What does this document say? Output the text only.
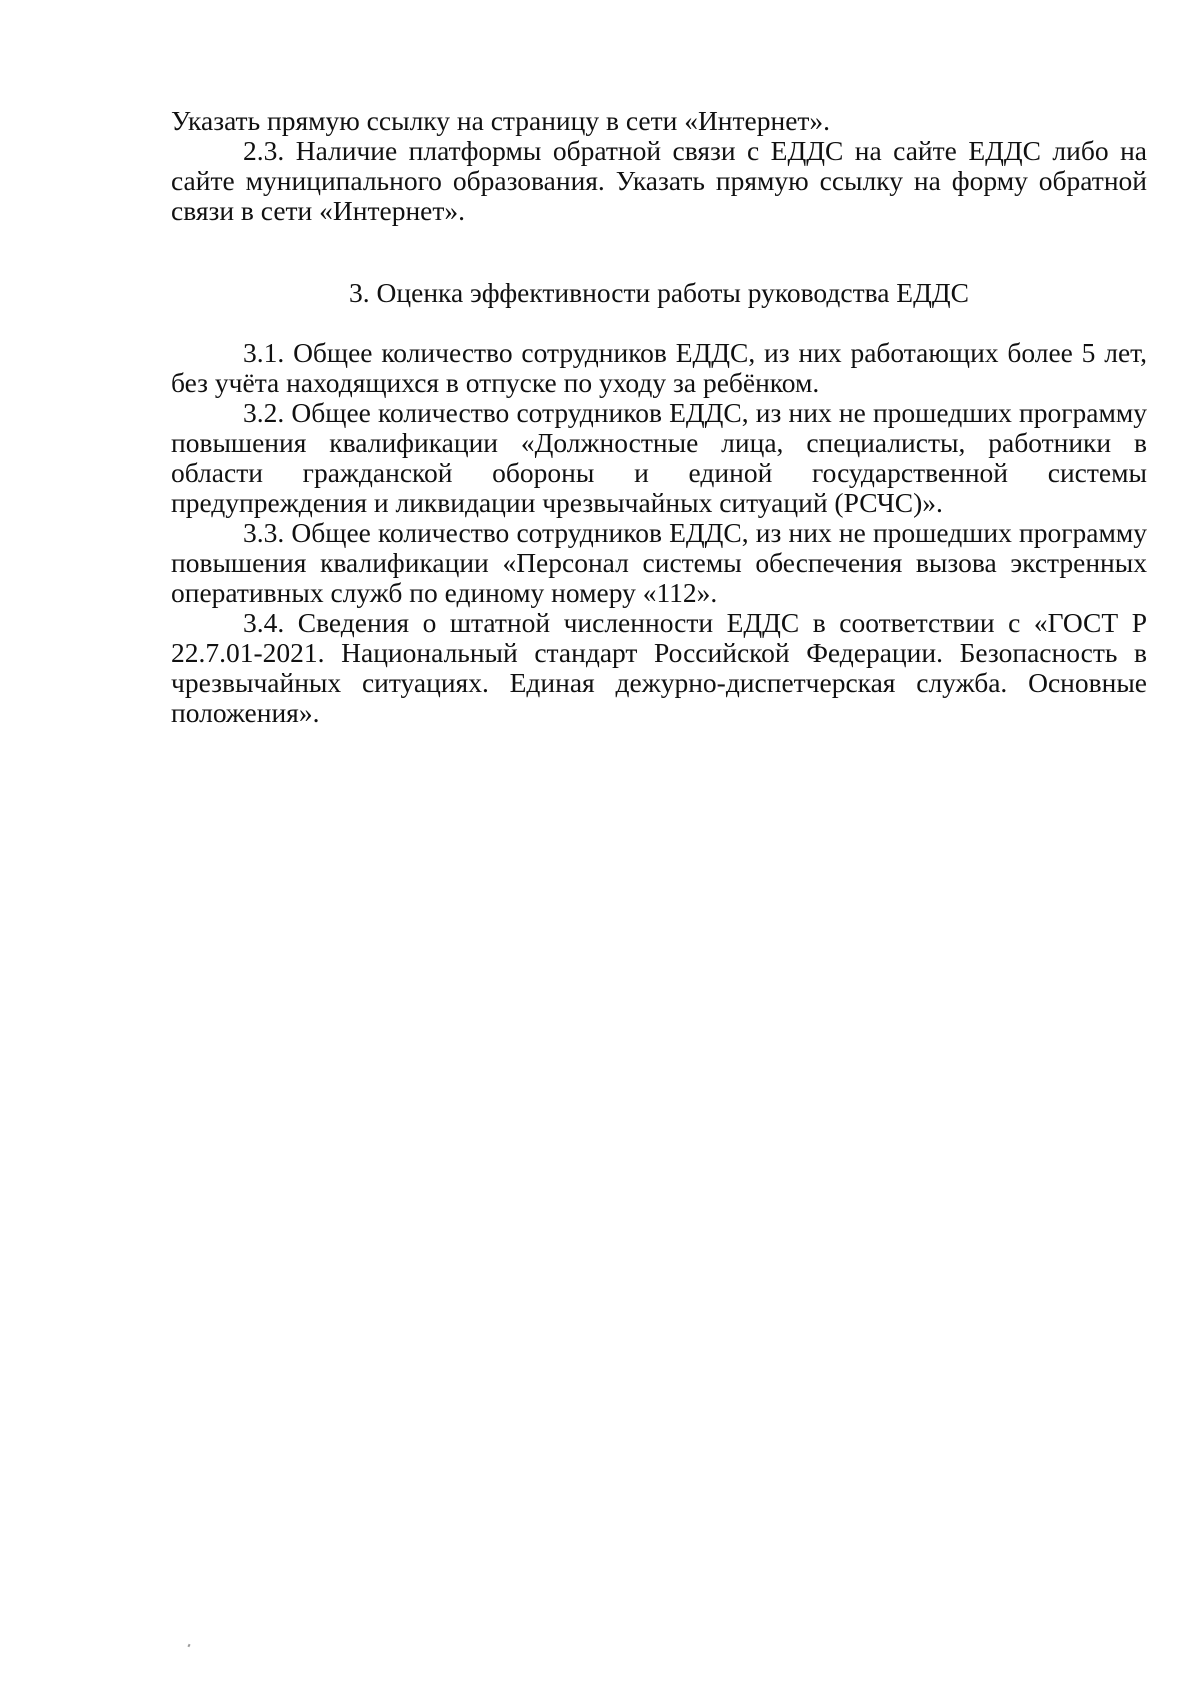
Указать прямую ссылку на страницу в сети «Интернет».

2.3. Наличие платформы обратной связи с ЕДДС на сайте ЕДДС либо на сайте муниципального образования. Указать прямую ссылку на форму обратной связи в сети «Интернет».

3. Оценка эффективности работы руководства ЕДДС

3.1. Общее количество сотрудников ЕДДС, из них работающих более 5 лет, без учёта находящихся в отпуске по уходу за ребёнком.

3.2. Общее количество сотрудников ЕДДС, из них не прошедших программу повышения квалификации «Должностные лица, специалисты, работники в области гражданской обороны и единой государственной системы предупреждения и ликвидации чрезвычайных ситуаций (РСЧС)».

3.3. Общее количество сотрудников ЕДДС, из них не прошедших программу повышения квалификации «Персонал системы обеспечения вызова экстренных оперативных служб по единому номеру «112».

3.4. Сведения о штатной численности ЕДДС в соответствии с «ГОСТ Р 22.7.01-2021. Национальный стандарт Российской Федерации. Безопасность в чрезвычайных ситуациях. Единая дежурно-диспетчерская служба. Основные положения».
